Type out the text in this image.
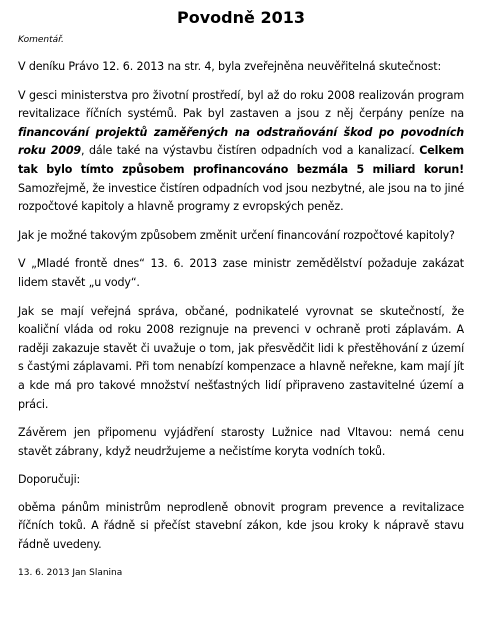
Povodně 2013
Komentář.

V deníku Právo 12. 6. 2013 na str. 4, byla zveřejněna neuvěřitelná skutečnost:

V gesci ministerstva pro životní prostředí, byl až do roku 2008 realizován program revitalizace říčních systémů. Pak byl zastaven a jsou z něj čerpány peníze na financování projektů zaměřených na odstraňování škod po povodních roku 2009, dále také na výstavbu čistíren odpadních vod a kanalizací. Celkem tak bylo tímto způsobem profinancováno bezmála 5 miliard korun! Samozřejmě, že investice čistíren odpadních vod jsou nezbytné, ale jsou na to jiné rozpočtové kapitoly a hlavně programy z evropských peněz.

Jak je možné takovým způsobem změnit určení financování rozpočtové kapitoly?

V „Mladé frontě dnes“ 13. 6. 2013 zase ministr zemědělství požaduje zakázat lidem stavět „u vody“.

Jak se mají veřejná správa, občané, podnikatelé vyrovnat se skutečností, že koaliční vláda od roku 2008 rezignuje na prevenci v ochraně proti záplavám. A raději zakazuje stavět či uvažuje o tom, jak přesvědčit lidi k přestěhování z území s častými záplavami. Při tom nenabízí kompenzace a hlavně neřekne, kam mají jít a kde má pro takové množství nešťastných lidí připraveno zastavitelné území a práci.

Závěrem jen připomenu vyjádření starosty Lužnice nad Vltavou: nemá cenu stavět zábrany, když neudržujeme a nečistíme koryta vodních toků.

Doporučuji:

oběma pánům ministrům neprodleně obnovit program prevence a revitalizace říčních toků. A řádně si přečíst stavební zákon, kde jsou kroky k nápravě stavu řádně uvedeny.

13. 6. 2013 Jan Slanina
